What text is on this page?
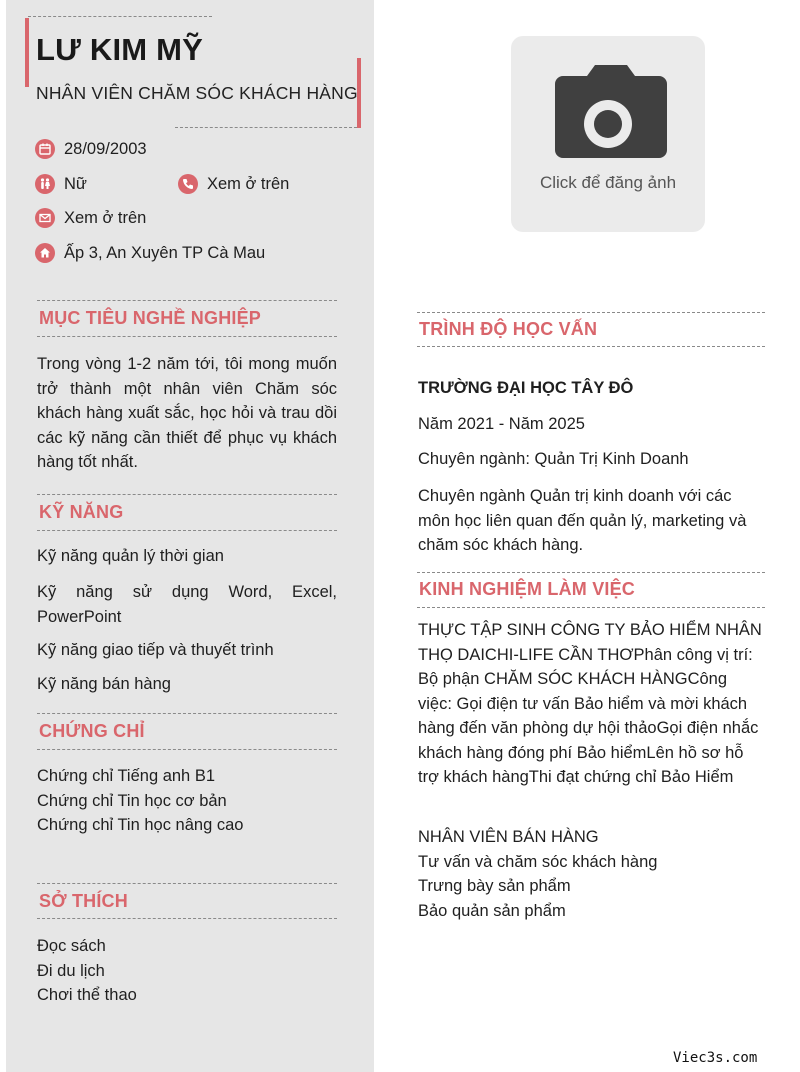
LƯ KIM MỸ
NHÂN VIÊN CHĂM SÓC KHÁCH HÀNG
28/09/2003
Nữ	Xem ở trên
Xem ở trên
Ấp 3, An Xuyên TP Cà Mau
MỤC TIÊU NGHỀ NGHIỆP
Trong vòng 1-2 năm tới, tôi mong muốn trở thành một nhân viên Chăm sóc khách hàng xuất sắc, học hỏi và trau dồi các kỹ năng cần thiết để phục vụ khách hàng tốt nhất.
KỸ NĂNG
Kỹ năng quản lý thời gian
Kỹ năng sử dụng Word, Excel, PowerPoint
Kỹ năng giao tiếp và thuyết trình
Kỹ năng bán hàng
CHỨNG CHỈ
Chứng chỉ Tiếng anh B1
Chứng chỉ Tin học cơ bản
Chứng chỉ Tin học nâng cao
SỞ THÍCH
Đọc sách
Đi du lịch
Chơi thể thao
Click để đăng ảnh
TRÌNH ĐỘ HỌC VẤN
TRƯỜNG ĐẠI HỌC TÂY ĐÔ
Năm 2021 - Năm 2025
Chuyên ngành: Quản Trị Kinh Doanh
Chuyên ngành Quản trị kinh doanh với các môn học liên quan đến quản lý, marketing và chăm sóc khách hàng.
KINH NGHIỆM LÀM VIỆC
THỰC TẬP SINH CÔNG TY BẢO HIỂM NHÂN THỌ DAICHI-LIFE CẦN THƠPhân công vị trí: Bộ phận CHĂM SÓC KHÁCH HÀNGCông việc: Gọi điện tư vấn Bảo hiểm và mời khách hàng đến văn phòng dự hội thảoGọi điện nhắc khách hàng đóng phí Bảo hiểmLên hồ sơ hỗ trợ khách hàngThi đạt chứng chỉ Bảo Hiểm
NHÂN VIÊN BÁN HÀNG
Tư vấn và chăm sóc khách hàng
Trưng bày sản phẩm
Bảo quản sản phẩm
Viec3s.com
